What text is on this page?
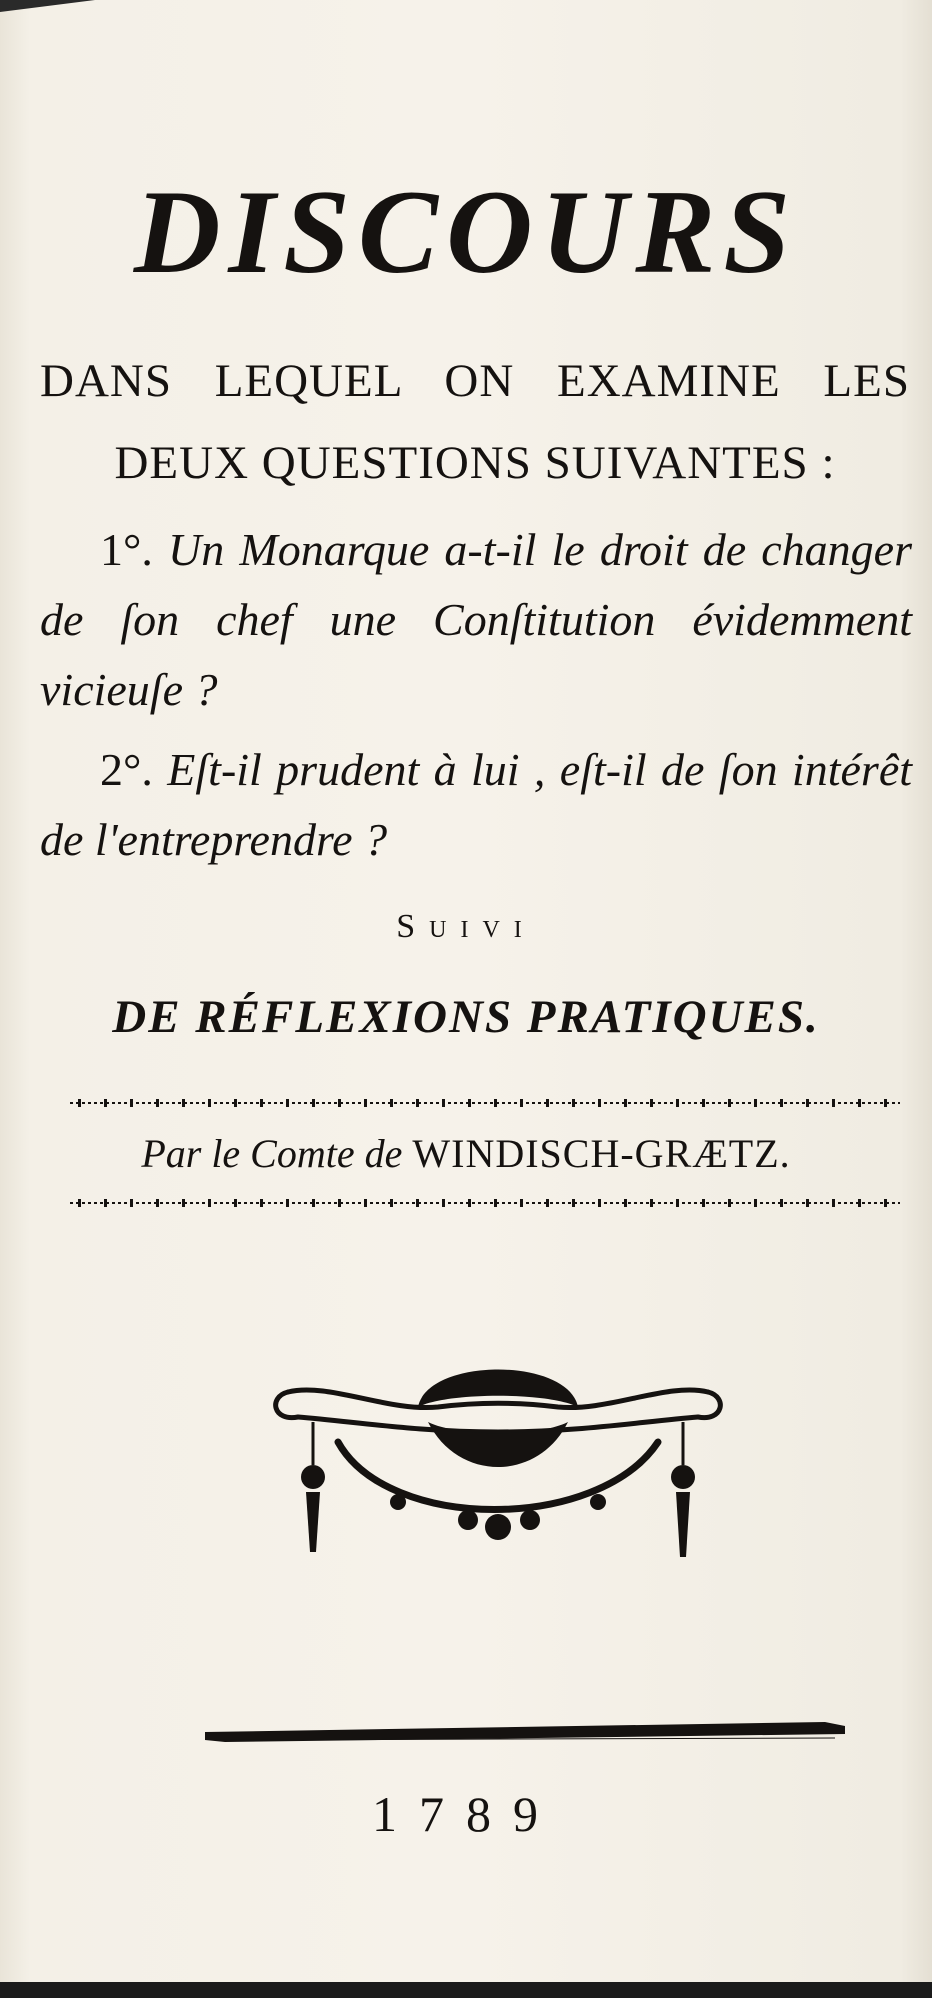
DISCOURS
DANS LEQUEL ON EXAMINE LES
DEUX QUESTIONS SUIVANTES :
1°. Un Monarque a-t-il le droit de changer de ſon chef une Conſtitution évidemment vicieuſe ?
2°. Eſt-il prudent à lui , eſt-il de ſon intérêt de l'entreprendre ?
Suivi
DE RÉFLEXIONS PRATIQUES.
Par le Comte de WINDISCH-GRÆTZ.
1789
